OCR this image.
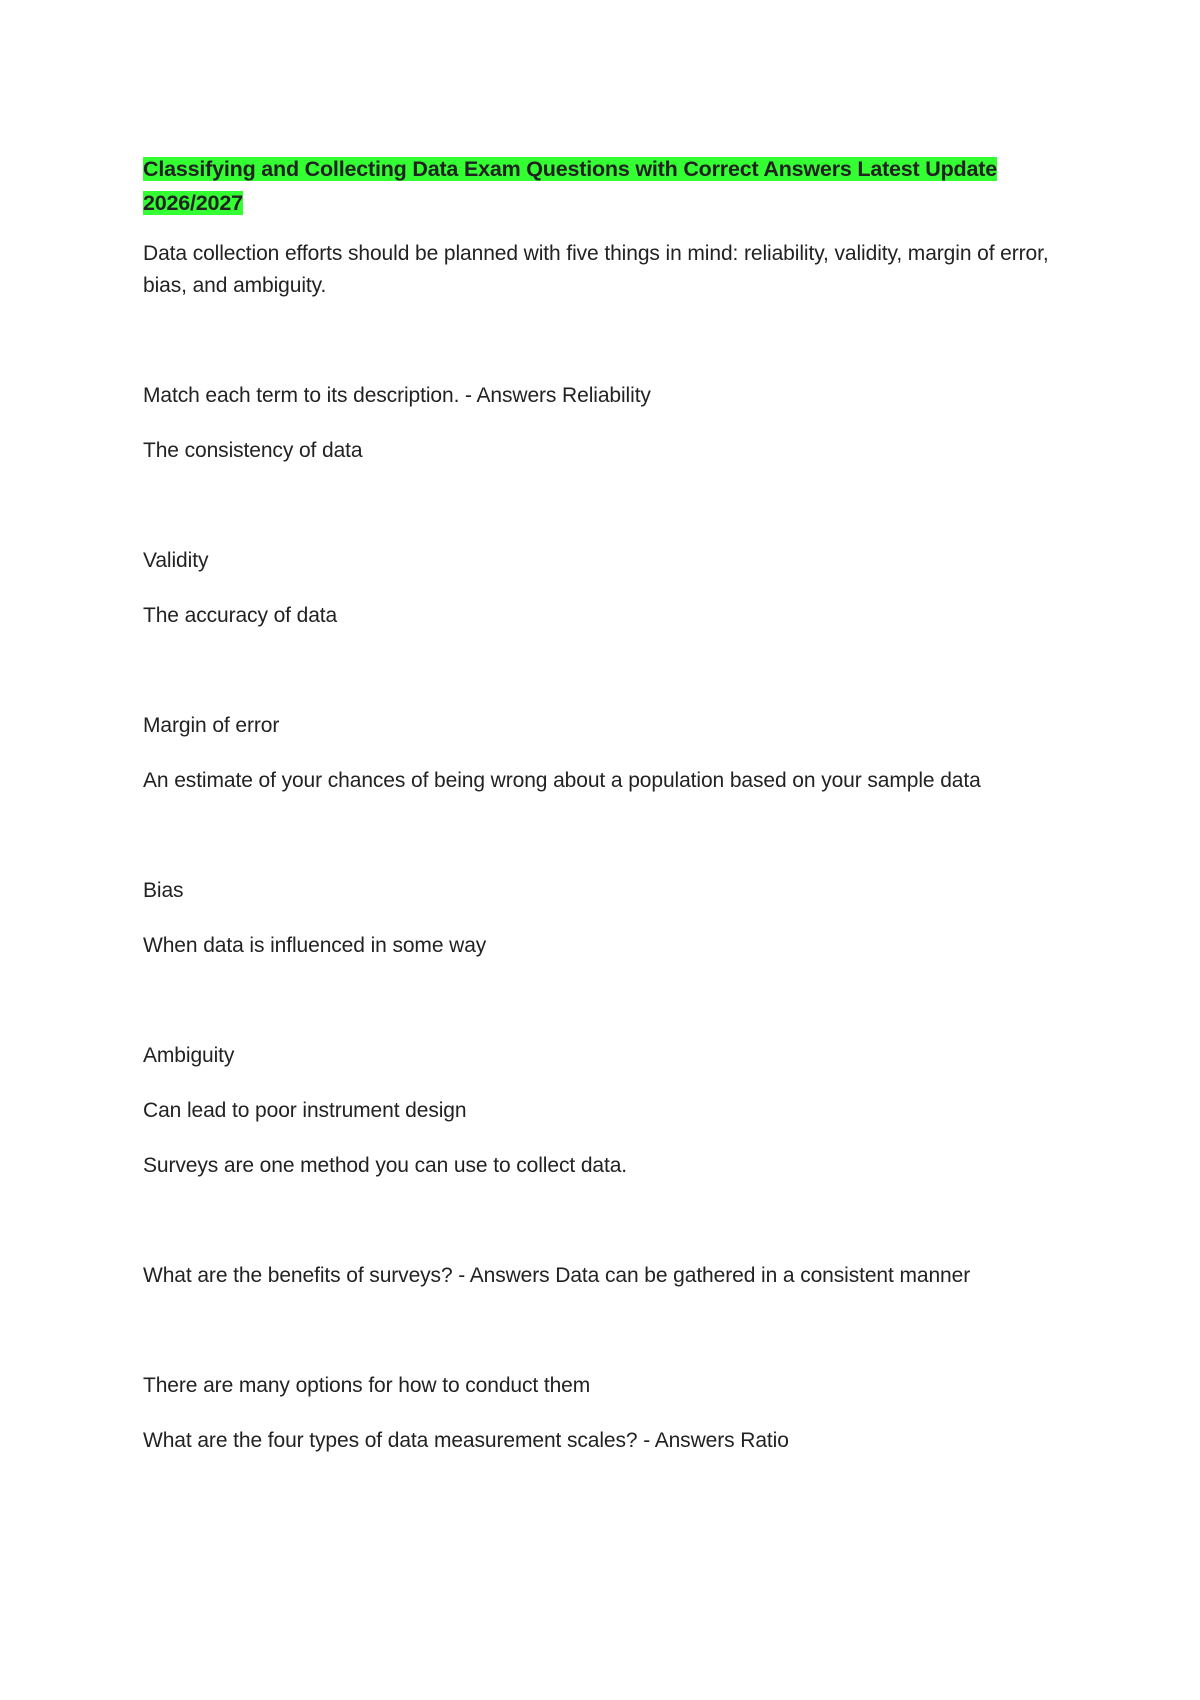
Classifying and Collecting Data Exam Questions with Correct Answers Latest Update 2026/2027

Data collection efforts should be planned with five things in mind: reliability, validity, margin of error, bias, and ambiguity.

Match each term to its description. - Answers Reliability

The consistency of data

Validity

The accuracy of data

Margin of error

An estimate of your chances of being wrong about a population based on your sample data

Bias

When data is influenced in some way

Ambiguity

Can lead to poor instrument design

Surveys are one method you can use to collect data.

What are the benefits of surveys? - Answers Data can be gathered in a consistent manner

There are many options for how to conduct them

What are the four types of data measurement scales? - Answers Ratio
